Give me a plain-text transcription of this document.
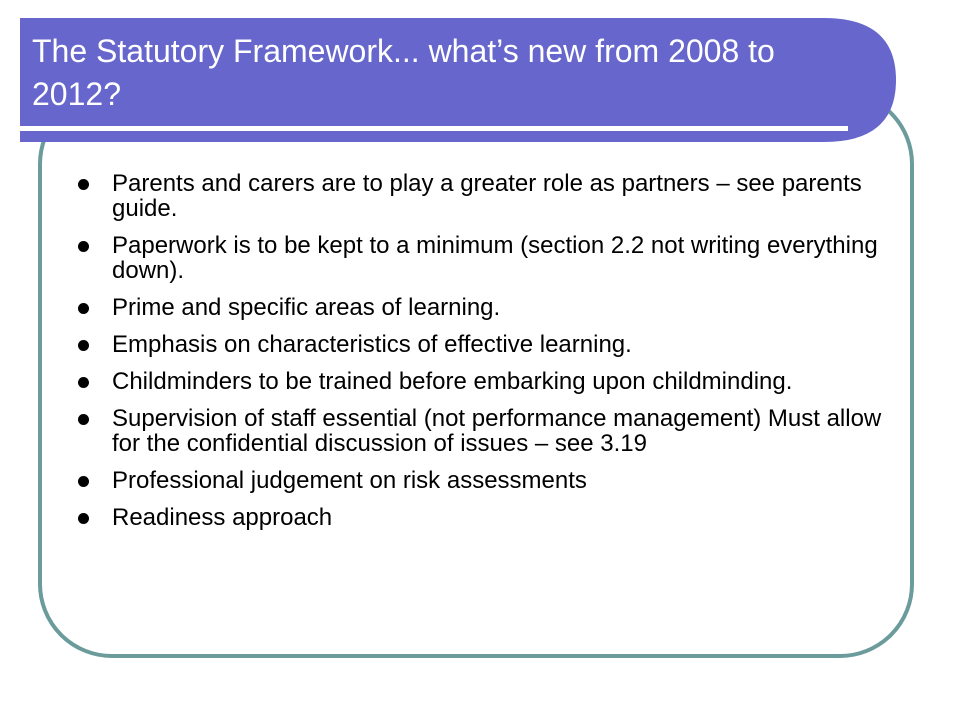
The Statutory Framework... what’s new from 2008 to 2012?
Parents and carers are to play a greater role as partners – see parents guide.
Paperwork is to be kept to a minimum (section 2.2 not writing everything down).
Prime and specific areas of learning.
Emphasis on characteristics of effective learning.
Childminders to be trained before embarking upon childminding.
Supervision of staff essential (not performance management) Must allow for the confidential discussion of issues – see 3.19
Professional judgement on risk assessments
Readiness approach
